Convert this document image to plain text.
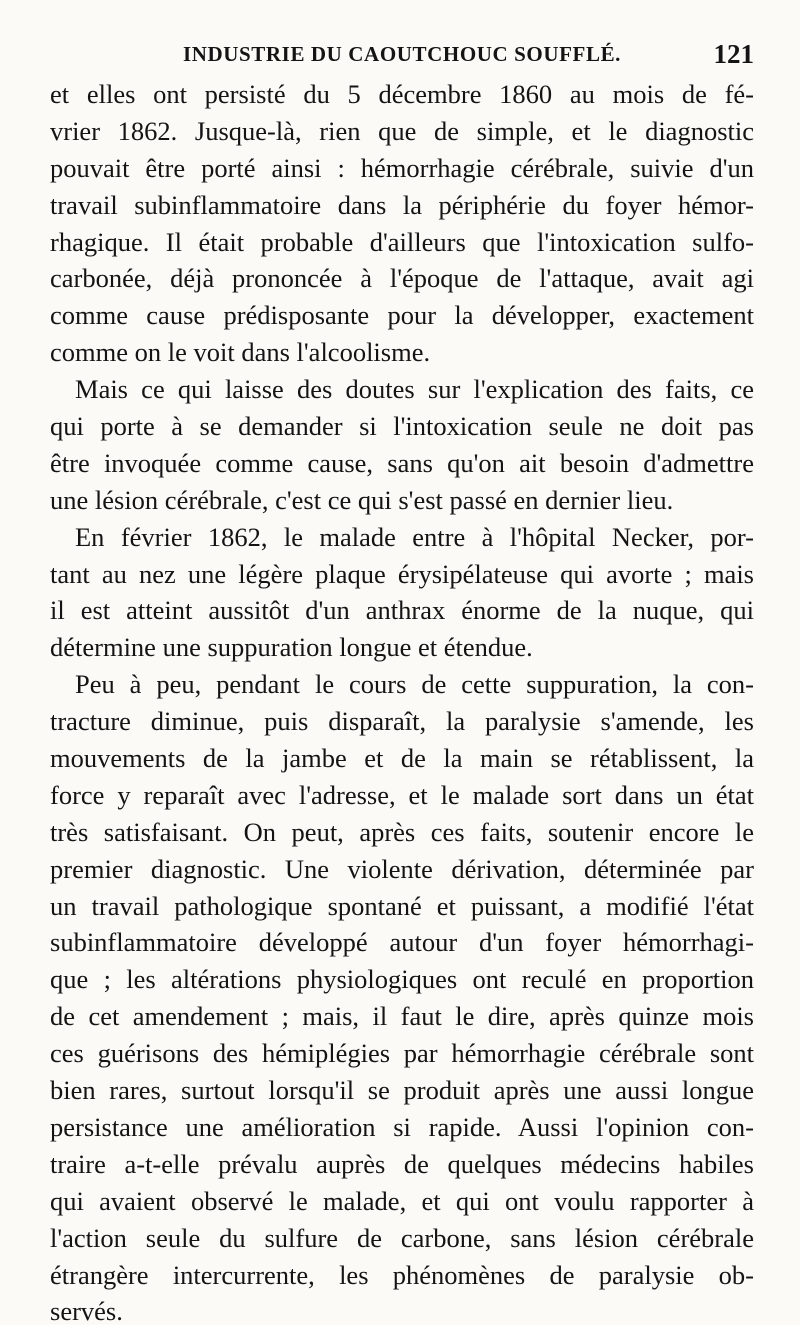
INDUSTRIE DU CAOUTCHOUC SOUFFLÉ.	121
et elles ont persisté du 5 décembre 1860 au mois de fé-
vrier 1862. Jusque-là, rien que de simple, et le diagnostic
pouvait être porté ainsi : hémorrhagie cérébrale, suivie d'un
travail subinflammatoire dans la périphérie du foyer hémor-
rhagique. Il était probable d'ailleurs que l'intoxication sulfo-
carbonée, déjà prononcée à l'époque de l'attaque, avait agi
comme cause prédisposante pour la développer, exactement
comme on le voit dans l'alcoolisme.
Mais ce qui laisse des doutes sur l'explication des faits, ce
qui porte à se demander si l'intoxication seule ne doit pas
être invoquée comme cause, sans qu'on ait besoin d'admettre
une lésion cérébrale, c'est ce qui s'est passé en dernier lieu.
En février 1862, le malade entre à l'hôpital Necker, por-
tant au nez une légère plaque érysipélateuse qui avorte ; mais
il est atteint aussitôt d'un anthrax énorme de la nuque, qui
détermine une suppuration longue et étendue.
Peu à peu, pendant le cours de cette suppuration, la con-
tracture diminue, puis disparaît, la paralysie s'amende, les
mouvements de la jambe et de la main se rétablissent, la
force y reparaît avec l'adresse, et le malade sort dans un état
très satisfaisant. On peut, après ces faits, soutenir encore le
premier diagnostic. Une violente dérivation, déterminée par
un travail pathologique spontané et puissant, a modifié l'état
subinflammatoire développé autour d'un foyer hémorrhagi-
que ; les altérations physiologiques ont reculé en proportion
de cet amendement ; mais, il faut le dire, après quinze mois
ces guérisons des hémiplégies par hémorrhagie cérébrale sont
bien rares, surtout lorsqu'il se produit après une aussi longue
persistance une amélioration si rapide. Aussi l'opinion con-
traire a-t-elle prévalu auprès de quelques médecins habiles
qui avaient observé le malade, et qui ont voulu rapporter à
l'action seule du sulfure de carbone, sans lésion cérébrale
étrangère intercurrente, les phénomènes de paralysie ob-
servés.
